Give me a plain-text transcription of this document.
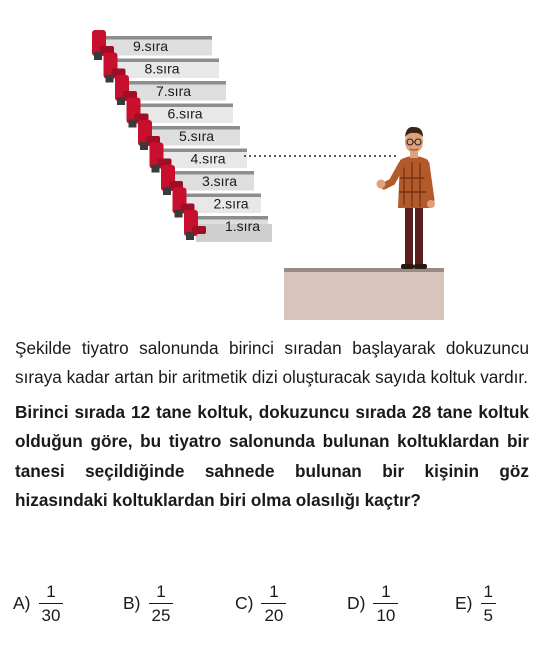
9.sıra
8.sıra
7.sıra
6.sıra
5.sıra
4.sıra
3.sıra
2.sıra
1.sıra

Şekilde tiyatro salonunda birinci sıradan başlayarak dokuzuncu sıraya kadar artan bir aritmetik dizi oluşturacak sayıda koltuk vardır.

Birinci sırada 12 tane koltuk, dokuzuncu sırada 28 tane koltuk olduğun göre, bu tiyatro salonunda bulunan koltuklardan bir tanesi seçildiğinde sahnede bulunan bir kişinin göz hizasındaki koltuklardan biri olma olasılığı kaçtır?

$A) \frac{1}{30}$	$B) \frac{1}{25}$	$C) \frac{1}{20}$	$D) \frac{1}{10}$	$E) \frac{1}{5}$
